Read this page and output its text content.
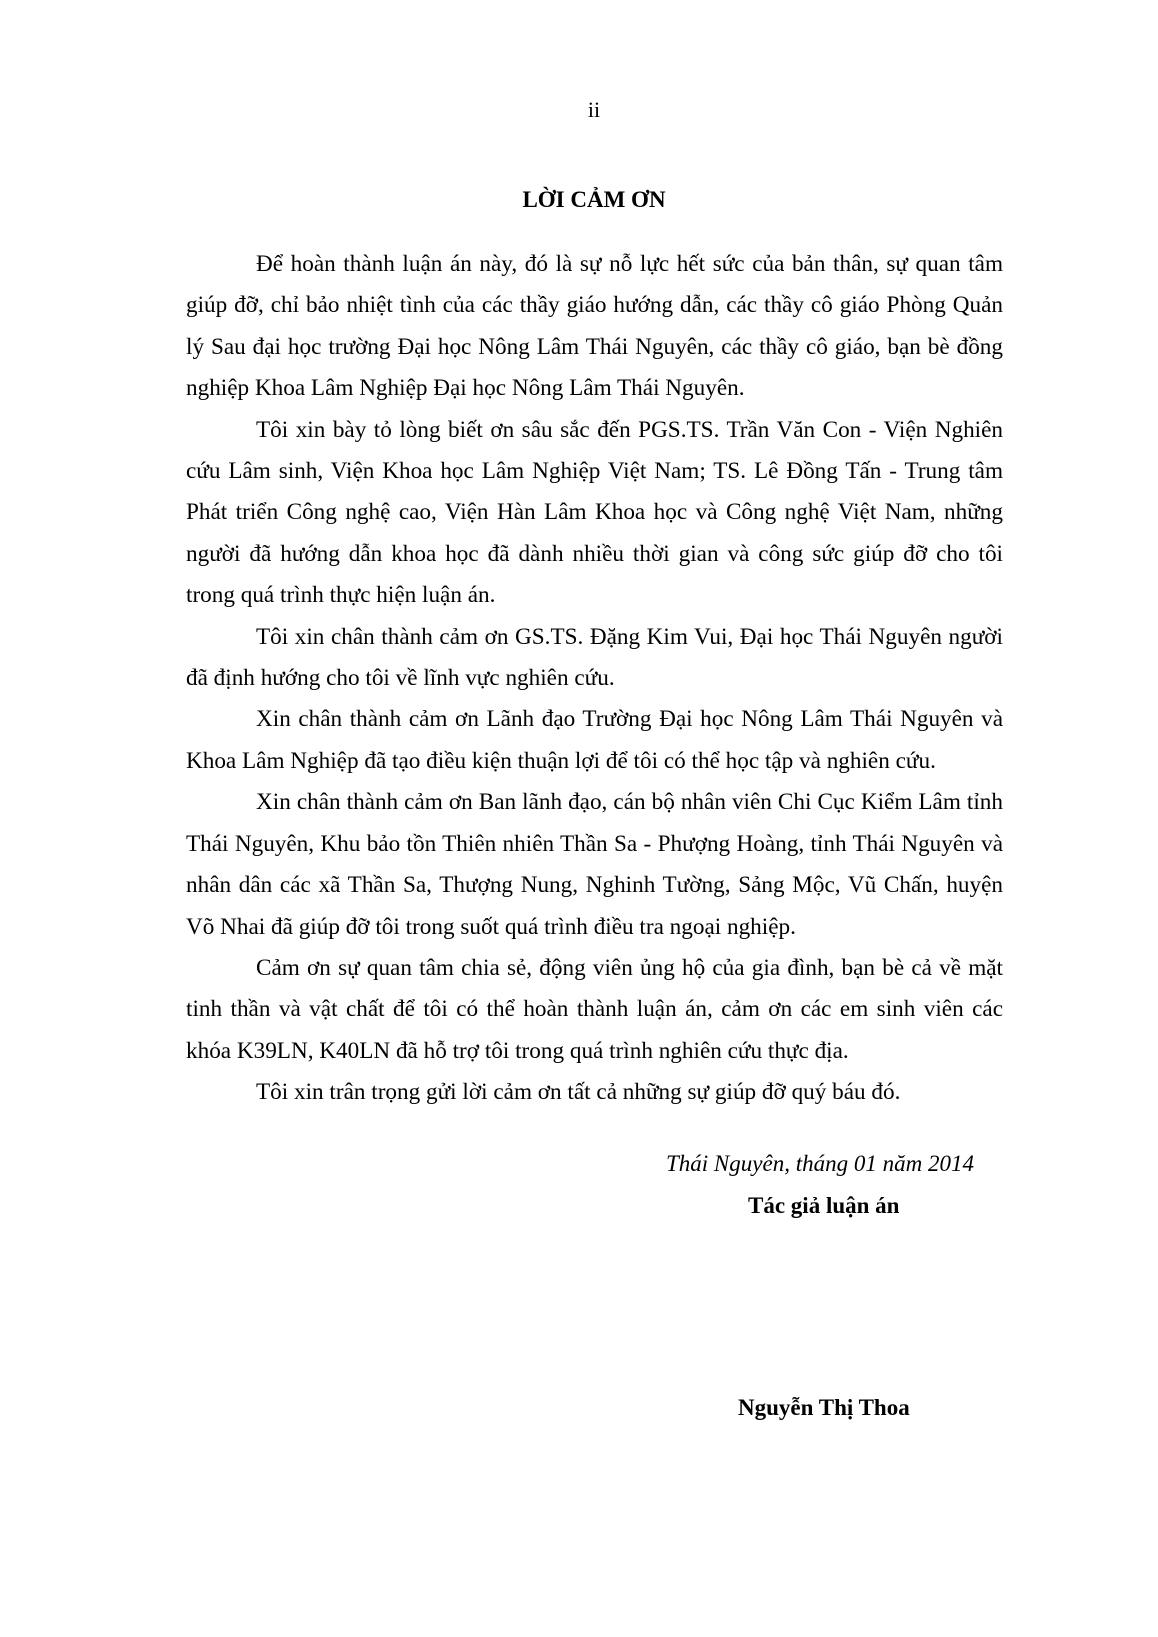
ii
LỜI CẢM ƠN

Để hoàn thành luận án này, đó là sự nỗ lực hết sức của bản thân, sự quan tâm giúp đỡ, chỉ bảo nhiệt tình của các thầy giáo hướng dẫn, các thầy cô giáo Phòng Quản lý Sau đại học trường Đại học Nông Lâm Thái Nguyên, các thầy cô giáo, bạn bè đồng nghiệp Khoa Lâm Nghiệp Đại học Nông Lâm Thái Nguyên.

Tôi xin bày tỏ lòng biết ơn sâu sắc đến PGS.TS. Trần Văn Con - Viện Nghiên cứu Lâm sinh, Viện Khoa học Lâm Nghiệp Việt Nam; TS. Lê Đồng Tấn - Trung tâm Phát triển Công nghệ cao, Viện Hàn Lâm Khoa học và Công nghệ Việt Nam, những người đã hướng dẫn khoa học đã dành nhiều thời gian và công sức giúp đỡ cho tôi trong quá trình thực hiện luận án.

Tôi xin chân thành cảm ơn GS.TS. Đặng Kim Vui, Đại học Thái Nguyên người đã định hướng cho tôi về lĩnh vực nghiên cứu.

Xin chân thành cảm ơn Lãnh đạo Trường Đại học Nông Lâm Thái Nguyên và Khoa Lâm Nghiệp đã tạo điều kiện thuận lợi để tôi có thể học tập và nghiên cứu.

Xin chân thành cảm ơn Ban lãnh đạo, cán bộ nhân viên Chi Cục Kiểm Lâm tỉnh Thái Nguyên, Khu bảo tồn Thiên nhiên Thần Sa - Phượng Hoàng, tỉnh Thái Nguyên và nhân dân các xã Thần Sa, Thượng Nung, Nghinh Tường, Sảng Mộc, Vũ Chấn, huyện Võ Nhai đã giúp đỡ tôi trong suốt quá trình điều tra ngoại nghiệp.

Cảm ơn sự quan tâm chia sẻ, động viên ủng hộ của gia đình, bạn bè cả về mặt tinh thần và vật chất để tôi có thể hoàn thành luận án, cảm ơn các em sinh viên các khóa K39LN, K40LN đã hỗ trợ tôi trong quá trình nghiên cứu thực địa.

Tôi xin trân trọng gửi lời cảm ơn tất cả những sự giúp đỡ quý báu đó.

Thái Nguyên, tháng 01 năm 2014
Tác giả luận án
Nguyễn Thị Thoa
